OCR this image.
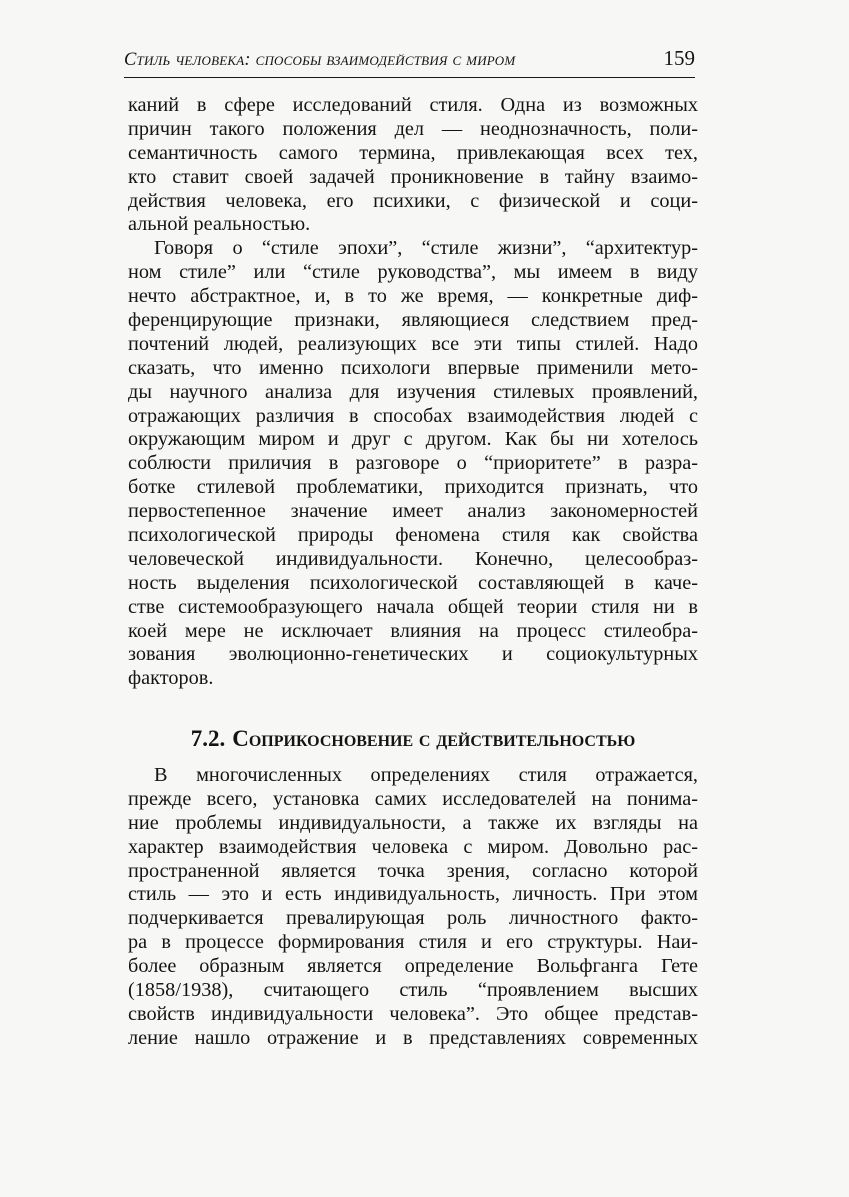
Стиль человека: способы взаимодействия с миром	159
каний в сфере исследований стиля. Одна из возможных
причин такого положения дел — неоднозначность, поли-
семантичность самого термина, привлекающая всех тех,
кто ставит своей задачей проникновение в тайну взаимо-
действия человека, его психики, с физической и соци-
альной реальностью.
Говоря о “стиле эпохи”, “стиле жизни”, “архитектур-
ном стиле” или “стиле руководства”, мы имеем в виду
нечто абстрактное, и, в то же время, — конкретные диф-
ференцирующие признаки, являющиеся следствием пред-
почтений людей, реализующих все эти типы стилей. Надо
сказать, что именно психологи впервые применили мето-
ды научного анализа для изучения стилевых проявлений,
отражающих различия в способах взаимодействия людей с
окружающим миром и друг с другом. Как бы ни хотелось
соблюсти приличия в разговоре о “приоритете” в разра-
ботке стилевой проблематики, приходится признать, что
первостепенное значение имеет анализ закономерностей
психологической природы феномена стиля как свойства
человеческой индивидуальности. Конечно, целесообраз-
ность выделения психологической составляющей в каче-
стве системообразующего начала общей теории стиля ни в
коей мере не исключает влияния на процесс стилеобра-
зования эволюционно-генетических и социокультурных
факторов.
7.2. Соприкосновение с действительностью
В многочисленных определениях стиля отражается,
прежде всего, установка самих исследователей на понима-
ние проблемы индивидуальности, а также их взгляды на
характер взаимодействия человека с миром. Довольно рас-
пространенной является точка зрения, согласно которой
стиль — это и есть индивидуальность, личность. При этом
подчеркивается превалирующая роль личностного факто-
ра в процессе формирования стиля и его структуры. Наи-
более образным является определение Вольфганга Гете
(1858/1938), считающего стиль “проявлением высших
свойств индивидуальности человека”. Это общее представ-
ление нашло отражение и в представлениях современных
